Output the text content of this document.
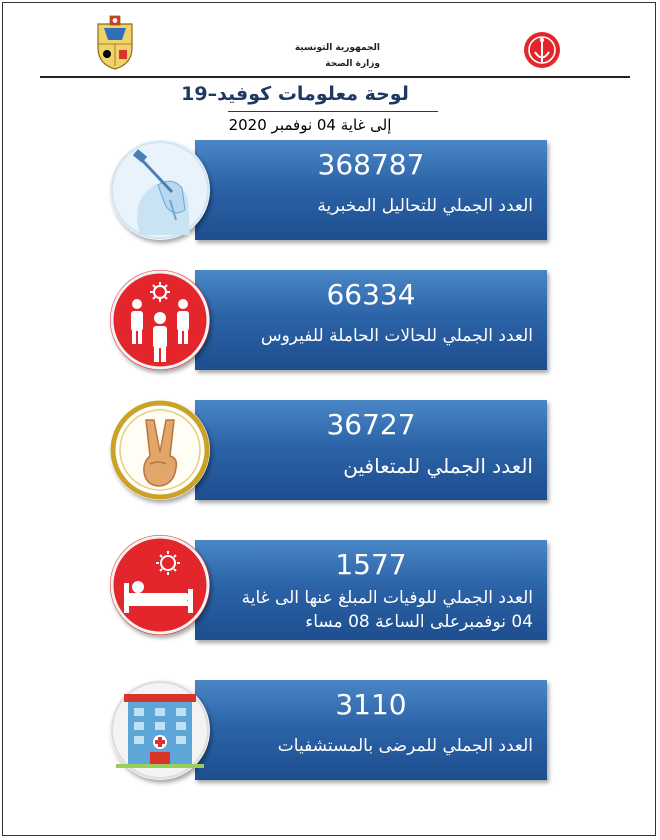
الجمهورية التونسية
وزارة الصحة
لوحة معلومات كوفيد–19
إلى غاية 04 نوفمبر 2020
368787
العدد الجملي للتحاليل المخبرية
66334
العدد الجملي للحالات الحاملة للفيروس
36727
العدد الجملي للمتعافين
1577
العدد الجملي للوفيات المبلغ عنها الى غاية
04 نوفمبرعلى الساعة 08 مساء
3110
العدد الجملي للمرضى بالمستشفيات
